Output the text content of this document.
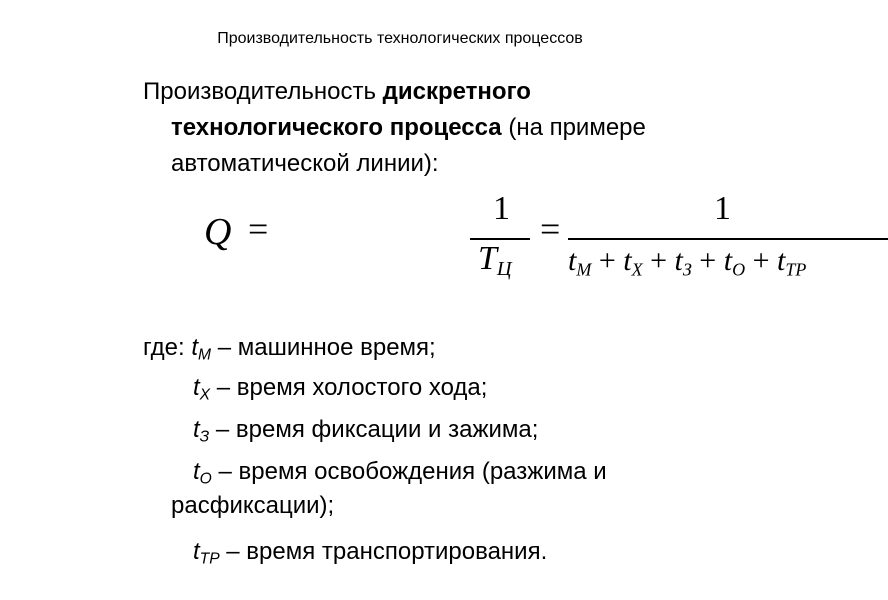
Производительность технологических процессов
Производительность дискретного
технологического процесса (на примере
автоматической линии):
Q =
1
$T_Ц$
=
1
$t_М + t_Х + t_З + t_О + t_{ТР}$
где: $t_М$ – машинное время;
$t_Х$ – время холостого хода;
$t_З$ – время фиксации и зажима;
$t_О$ – время освобождения (разжима и
расфиксации);
$t_{ТР}$ – время транспортирования.
